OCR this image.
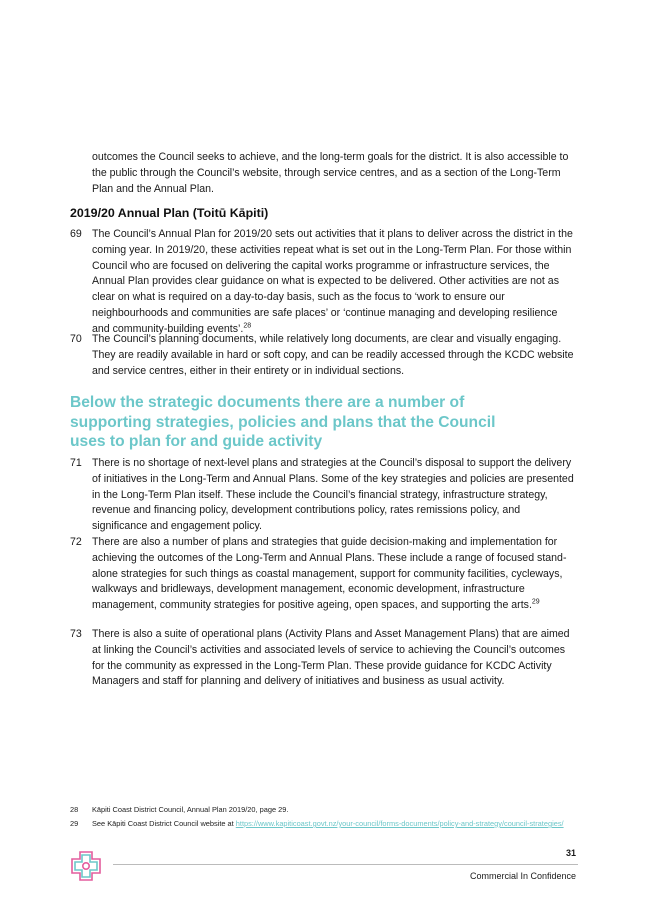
outcomes the Council seeks to achieve, and the long-term goals for the district. It is also accessible to the public through the Council’s website, through service centres, and as a section of the Long-Term Plan and the Annual Plan.

2019/20 Annual Plan (Toitū Kāpiti)
69 The Council’s Annual Plan for 2019/20 sets out activities that it plans to deliver across the district in the coming year. In 2019/20, these activities repeat what is set out in the Long-Term Plan. For those within Council who are focused on delivering the capital works programme or infrastructure services, the Annual Plan provides clear guidance on what is expected to be delivered. Other activities are not as clear on what is required on a day-to-day basis, such as the focus to ‘work to ensure our neighbourhoods and communities are safe places’ or ‘continue managing and developing resilience and community-building events’.$^{28}$
70 The Council’s planning documents, while relatively long documents, are clear and visually engaging. They are readily available in hard or soft copy, and can be readily accessed through the KCDC website and service centres, either in their entirety or in individual sections.
Below the strategic documents there are a number of supporting strategies, policies and plans that the Council uses to plan for and guide activity
71 There is no shortage of next-level plans and strategies at the Council’s disposal to support the delivery of initiatives in the Long-Term and Annual Plans. Some of the key strategies and policies are presented in the Long-Term Plan itself. These include the Council’s financial strategy, infrastructure strategy, revenue and financing policy, development contributions policy, rates remissions policy, and significance and engagement policy.
72 There are also a number of plans and strategies that guide decision-making and implementation for achieving the outcomes of the Long-Term and Annual Plans. These include a range of focused stand-alone strategies for such things as coastal management, support for community facilities, cycleways, walkways and bridleways, development management, economic development, infrastructure management, community strategies for positive ageing, open spaces, and supporting the arts.$^{29}$
73 There is also a suite of operational plans (Activity Plans and Asset Management Plans) that are aimed at linking the Council’s activities and associated levels of service to achieving the Council’s outcomes for the community as expressed in the Long-Term Plan. These provide guidance for KCDC Activity Managers and staff for planning and delivery of initiatives and business as usual activity.
28 Kāpiti Coast District Council, Annual Plan 2019/20, page 29.
29 See Kāpiti Coast District Council website at https://www.kapiticoast.govt.nz/your-council/forms-documents/policy-and-strategy/council-strategies/
31
Commercial In Confidence
